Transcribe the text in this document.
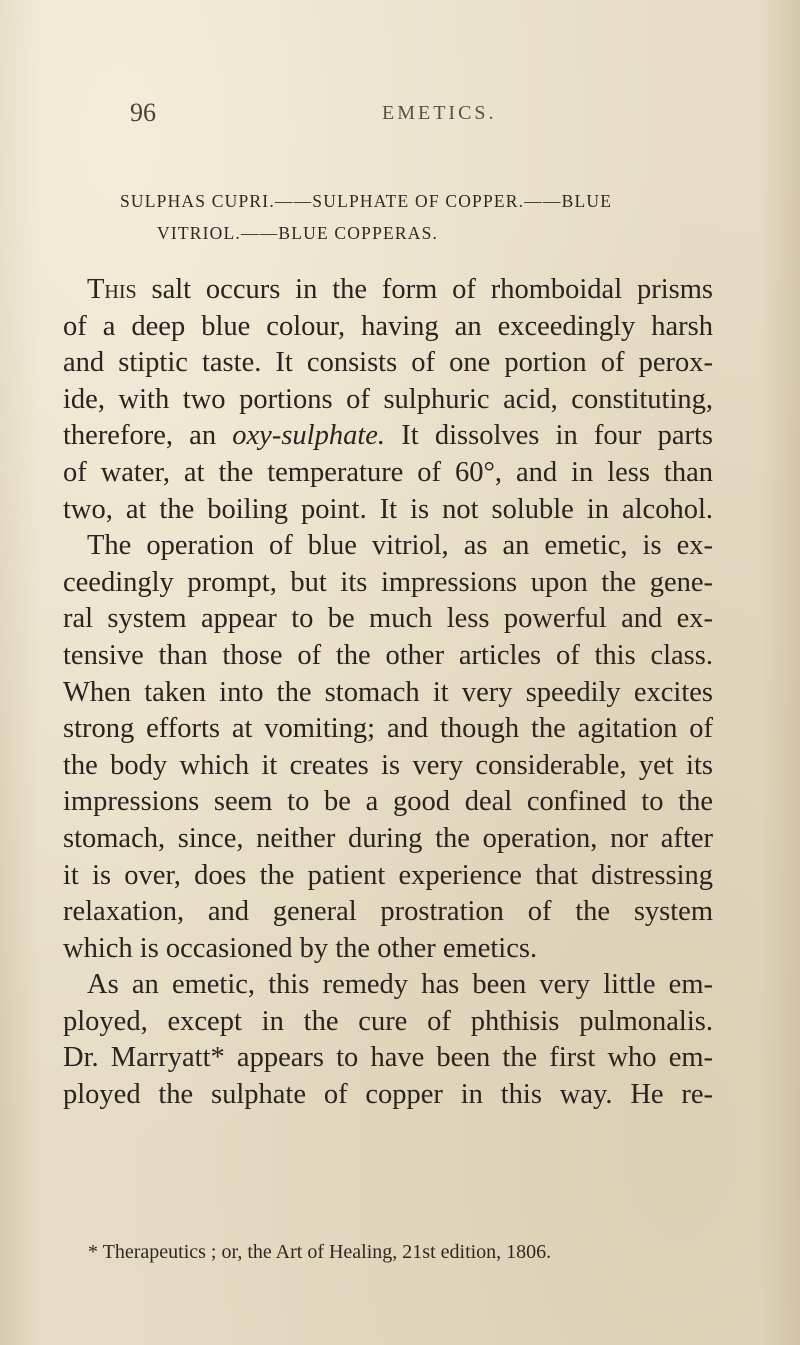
96	EMETICS.
SULPHAS CUPRI.——SULPHATE OF COPPER.——BLUE
VITRIOL.——BLUE COPPERAS.
This salt occurs in the form of rhomboidal prisms
of a deep blue colour, having an exceedingly harsh
and stiptic taste. It consists of one portion of perox-
ide, with two portions of sulphuric acid, constituting,
therefore, an oxy-sulphate. It dissolves in four parts
of water, at the temperature of 60°, and in less than
two, at the boiling point. It is not soluble in alcohol.
The operation of blue vitriol, as an emetic, is ex-
ceedingly prompt, but its impressions upon the gene-
ral system appear to be much less powerful and ex-
tensive than those of the other articles of this class.
When taken into the stomach it very speedily excites
strong efforts at vomiting; and though the agitation of
the body which it creates is very considerable, yet its
impressions seem to be a good deal confined to the
stomach, since, neither during the operation, nor after
it is over, does the patient experience that distressing
relaxation, and general prostration of the system
which is occasioned by the other emetics.
As an emetic, this remedy has been very little em-
ployed, except in the cure of phthisis pulmonalis.
Dr. Marryatt* appears to have been the first who em-
ployed the sulphate of copper in this way. He re-
* Therapeutics ; or, the Art of Healing, 21st edition, 1806.
